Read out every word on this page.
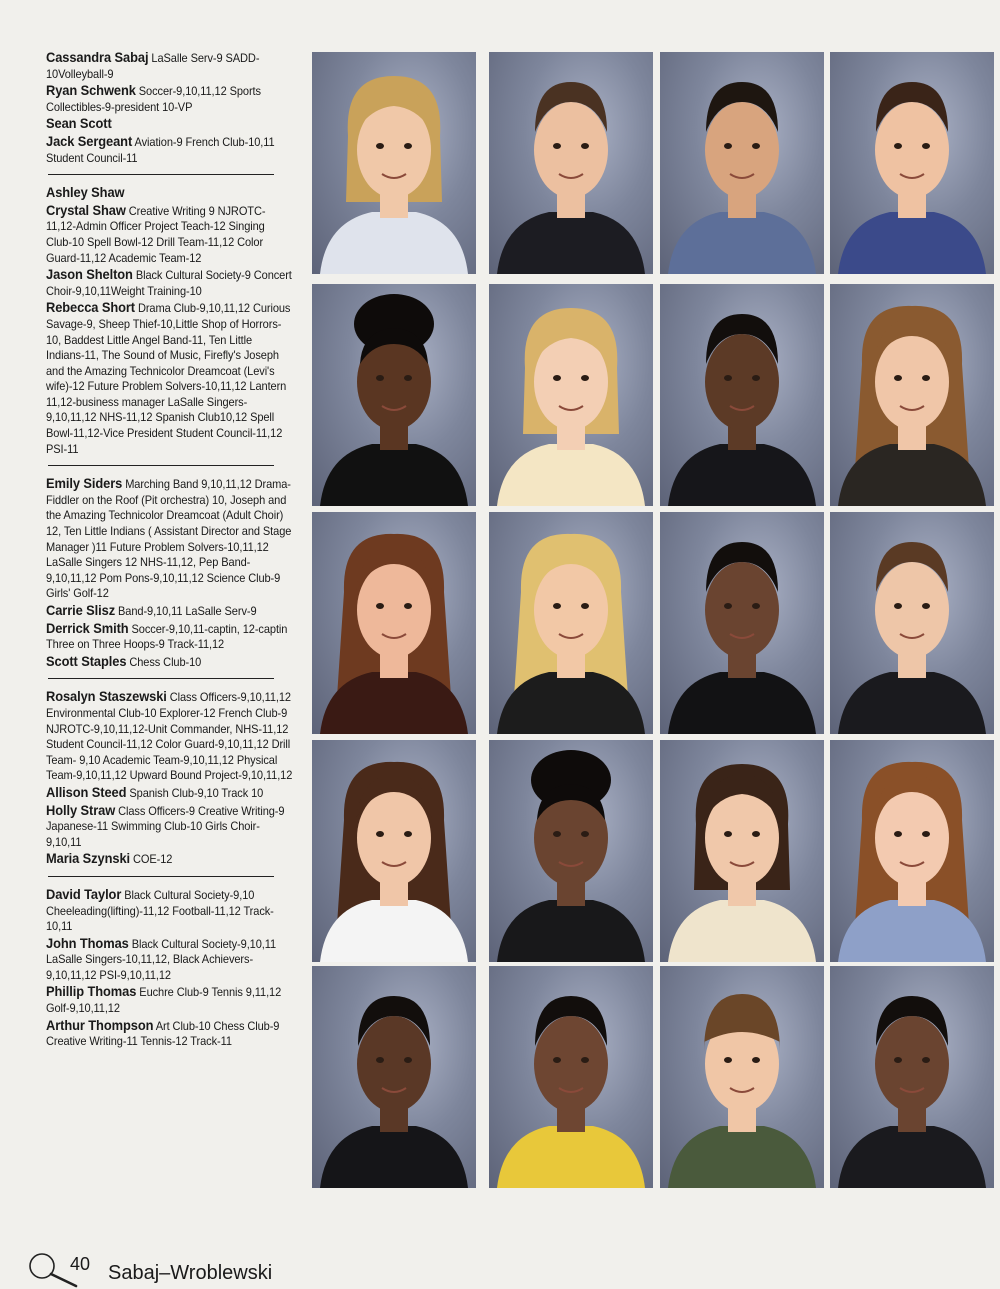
Cassandra Sabaj LaSalle Serv-9 SADD-10Volleyball-9
Ryan Schwenk Soccer-9,10,11,12 Sports Collectibles-9-president 10-VP
Sean Scott
Jack Sergeant Aviation-9 French Club-10,11 Student Council-11
Ashley Shaw
Crystal Shaw Creative Writing 9 NJROTC-11,12-Admin Officer Project Teach-12 Singing Club-10 Spell Bowl-12 Drill Team-11,12 Color Guard-11,12 Academic Team-12
Jason Shelton Black Cultural Society-9 Concert Choir-9,10,11Weight Training-10
Rebecca Short Drama Club-9,10,11,12 Curious Savage-9, Sheep Thief-10,Little Shop of Horrors-10, Baddest Little Angel Band-11, Ten Little Indians-11, The Sound of Music, Firefly's Joseph and the Amazing Technicolor Dreamcoat (Levi's wife)-12 Future Problem Solvers-10,11,12 Lantern 11,12-business manager LaSalle Singers- 9,10,11,12 NHS-11,12 Spanish Club10,12 Spell Bowl-11,12-Vice President Student Council-11,12 PSI-11
Emily Siders Marching Band 9,10,11,12 Drama-Fiddler on the Roof (Pit orchestra) 10, Joseph and the Amazing Technicolor Dreamcoat (Adult Choir) 12, Ten Little Indians ( Assistant Director and Stage Manager )11 Future Problem Solvers-10,11,12 LaSalle Singers 12 NHS-11,12, Pep Band-9,10,11,12 Pom Pons-9,10,11,12 Science Club-9 Girls' Golf-12
Carrie Slisz Band-9,10,11 LaSalle Serv-9
Derrick Smith Soccer-9,10,11-captin, 12-captin Three on Three Hoops-9 Track-11,12
Scott Staples Chess Club-10
Rosalyn Staszewski Class Officers-9,10,11,12 Environmental Club-10 Explorer-12 French Club-9 NJROTC-9,10,11,12-Unit Commander, NHS-11,12 Student Council-11,12 Color Guard-9,10,11,12 Drill Team- 9,10 Academic Team-9,10,11,12 Physical Team-9,10,11,12 Upward Bound Project-9,10,11,12
Allison Steed Spanish Club-9,10 Track 10
Holly Straw Class Officers-9 Creative Writing-9 Japanese-11 Swimming Club-10 Girls Choir-9,10,11
Maria Szynski COE-12
David Taylor Black Cultural Society-9,10 Cheeleading(lifting)-11,12 Football-11,12 Track-10,11
John Thomas Black Cultural Society-9,10,11 LaSalle Singers-10,11,12, Black Achievers-9,10,11,12 PSI-9,10,11,12
Phillip Thomas Euchre Club-9 Tennis 9,11,12 Golf-9,10,11,12
Arthur Thompson Art Club-10 Chess Club-9 Creative Writing-11 Tennis-12 Track-11
40 Sabaj–Wroblewski
